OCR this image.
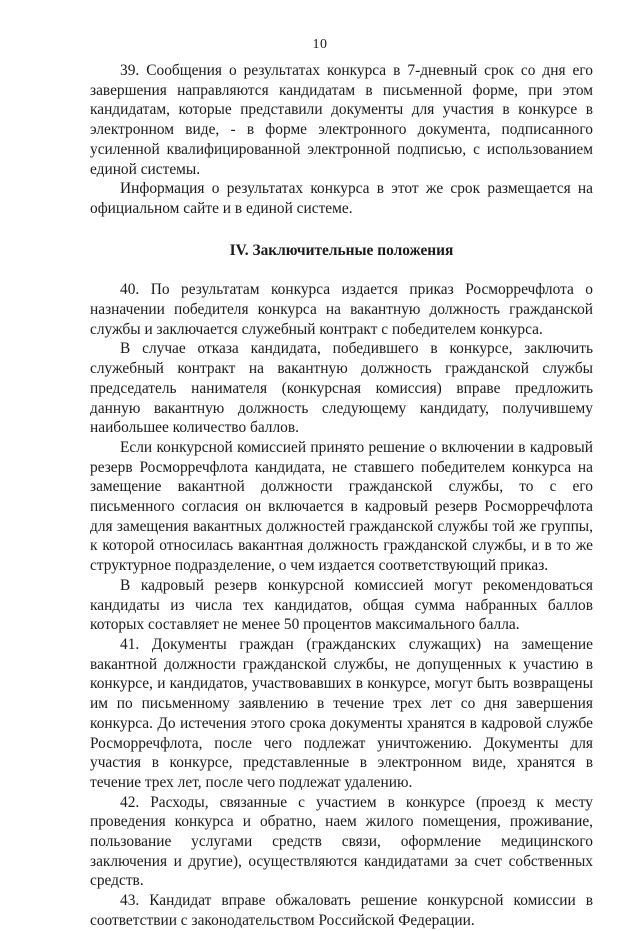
10

39. Сообщения о результатах конкурса в 7-дневный срок со дня его завершения направляются кандидатам в письменной форме, при этом кандидатам, которые представили документы для участия в конкурсе в электронном виде, - в форме электронного документа, подписанного усиленной квалифицированной электронной подписью, с использованием единой системы.

Информация о результатах конкурса в этот же срок размещается на официальном сайте и в единой системе.

IV. Заключительные положения

40. По результатам конкурса издается приказ Росморречфлота о назначении победителя конкурса на вакантную должность гражданской службы и заключается служебный контракт с победителем конкурса.

В случае отказа кандидата, победившего в конкурсе, заключить служебный контракт на вакантную должность гражданской службы председатель нанимателя (конкурсная комиссия) вправе предложить данную вакантную должность следующему кандидату, получившему наибольшее количество баллов.

Если конкурсной комиссией принято решение о включении в кадровый резерв Росморречфлота кандидата, не ставшего победителем конкурса на замещение вакантной должности гражданской службы, то с его письменного согласия он включается в кадровый резерв Росморречфлота для замещения вакантных должностей гражданской службы той же группы, к которой относилась вакантная должность гражданской службы, и в то же структурное подразделение, о чем издается соответствующий приказ.

В кадровый резерв конкурсной комиссией могут рекомендоваться кандидаты из числа тех кандидатов, общая сумма набранных баллов которых составляет не менее 50 процентов максимального балла.

41. Документы граждан (гражданских служащих) на замещение вакантной должности гражданской службы, не допущенных к участию в конкурсе, и кандидатов, участвовавших в конкурсе, могут быть возвращены им по письменному заявлению в течение трех лет со дня завершения конкурса. До истечения этого срока документы хранятся в кадровой службе Росморречфлота, после чего подлежат уничтожению. Документы для участия в конкурсе, представленные в электронном виде, хранятся в течение трех лет, после чего подлежат удалению.

42. Расходы, связанные с участием в конкурсе (проезд к месту проведения конкурса и обратно, наем жилого помещения, проживание, пользование услугами средств связи, оформление медицинского заключения и другие), осуществляются кандидатами за счет собственных средств.

43. Кандидат вправе обжаловать решение конкурсной комиссии в соответствии с законодательством Российской Федерации.
